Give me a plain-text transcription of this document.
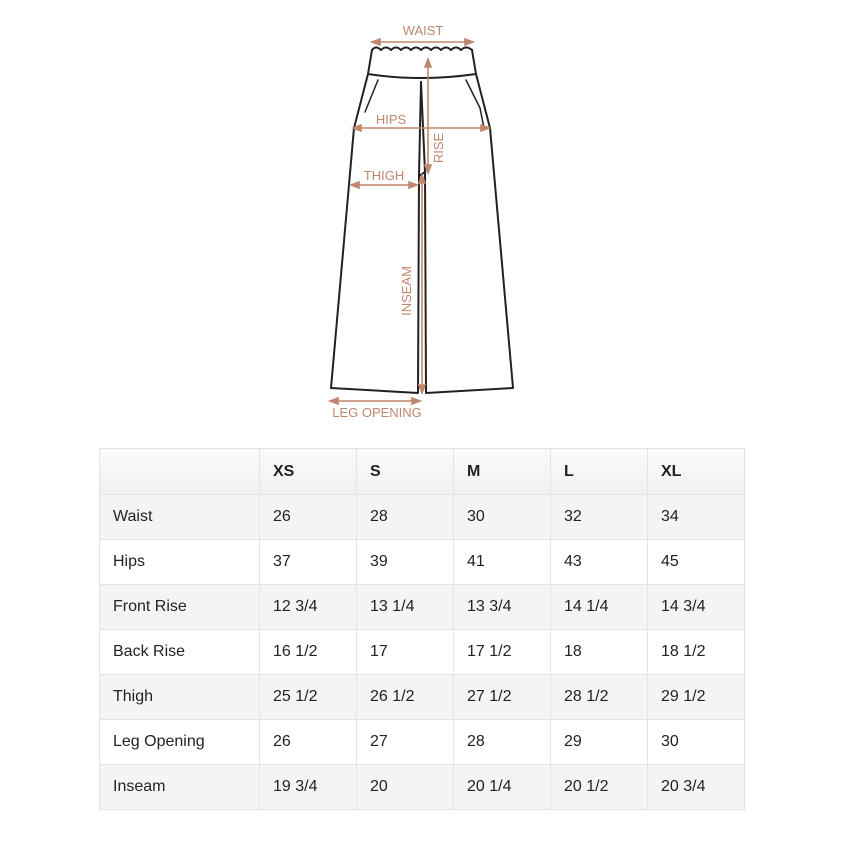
WAIST
HIPS
RISE
THIGH
INSEAM
LEG OPENING
	XS	S	M	L	XL
Waist	26	28	30	32	34
Hips	37	39	41	43	45
Front Rise	12 3/4	13 1/4	13 3/4	14 1/4	14 3/4
Back Rise	16 1/2	17	17 1/2	18	18 1/2
Thigh	25 1/2	26 1/2	27 1/2	28 1/2	29 1/2
Leg Opening	26	27	28	29	30
Inseam	19 3/4	20	20 1/4	20 1/2	20 3/4
